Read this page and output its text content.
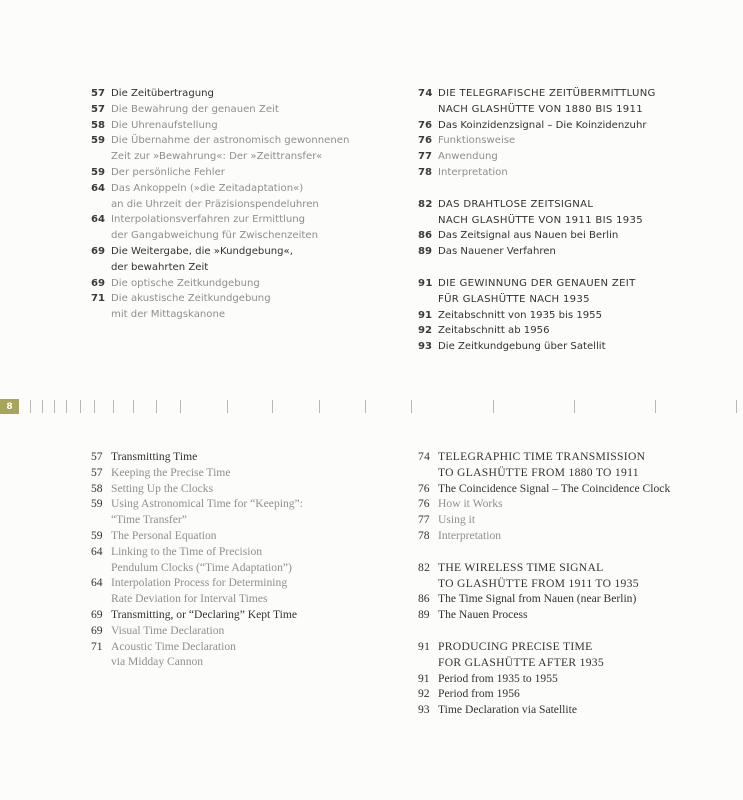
57 Die Zeitübertragung
57 Die Bewahrung der genauen Zeit
58 Die Uhrenaufstellung
59 Die Übernahme der astronomisch gewonnenen
Zeit zur »Bewahrung«: Der »Zeittransfer«
59 Der persönliche Fehler
64 Das Ankoppeln (»die Zeitadaptation«)
an die Uhrzeit der Präzisionspendeluhren
64 Interpolationsverfahren zur Ermittlung
der Gangabweichung für Zwischenzeiten
69 Die Weitergabe, die »Kundgebung«,
der bewahrten Zeit
69 Die optische Zeitkundgebung
71 Die akustische Zeitkundgebung
mit der Mittagskanone
74 DIE TELEGRAFISCHE ZEITÜBERMITTLUNG
NACH GLASHÜTTE VON 1880 BIS 1911
76 Das Koinzidenzsignal – Die Koinzidenzuhr
76 Funktionsweise
77 Anwendung
78 Interpretation
82 DAS DRAHTLOSE ZEITSIGNAL
NACH GLASHÜTTE VON 1911 BIS 1935
86 Das Zeitsignal aus Nauen bei Berlin
89 Das Nauener Verfahren
91 DIE GEWINNUNG DER GENAUEN ZEIT
FÜR GLASHÜTTE NACH 1935
91 Zeitabschnitt von 1935 bis 1955
92 Zeitabschnitt ab 1956
93 Die Zeitkundgebung über Satellit
8
57 Transmitting Time
57 Keeping the Precise Time
58 Setting Up the Clocks
59 Using Astronomical Time for “Keeping”:
“Time Transfer”
59 The Personal Equation
64 Linking to the Time of Precision
Pendulum Clocks (“Time Adaptation”)
64 Interpolation Process for Determining
Rate Deviation for Interval Times
69 Transmitting, or “Declaring” Kept Time
69 Visual Time Declaration
71 Acoustic Time Declaration
via Midday Cannon
74 TELEGRAPHIC TIME TRANSMISSION
TO GLASHÜTTE FROM 1880 TO 1911
76 The Coincidence Signal – The Coincidence Clock
76 How it Works
77 Using it
78 Interpretation
82 THE WIRELESS TIME SIGNAL
TO GLASHÜTTE FROM 1911 TO 1935
86 The Time Signal from Nauen (near Berlin)
89 The Nauen Process
91 PRODUCING PRECISE TIME
FOR GLASHÜTTE AFTER 1935
91 Period from 1935 to 1955
92 Period from 1956
93 Time Declaration via Satellite
